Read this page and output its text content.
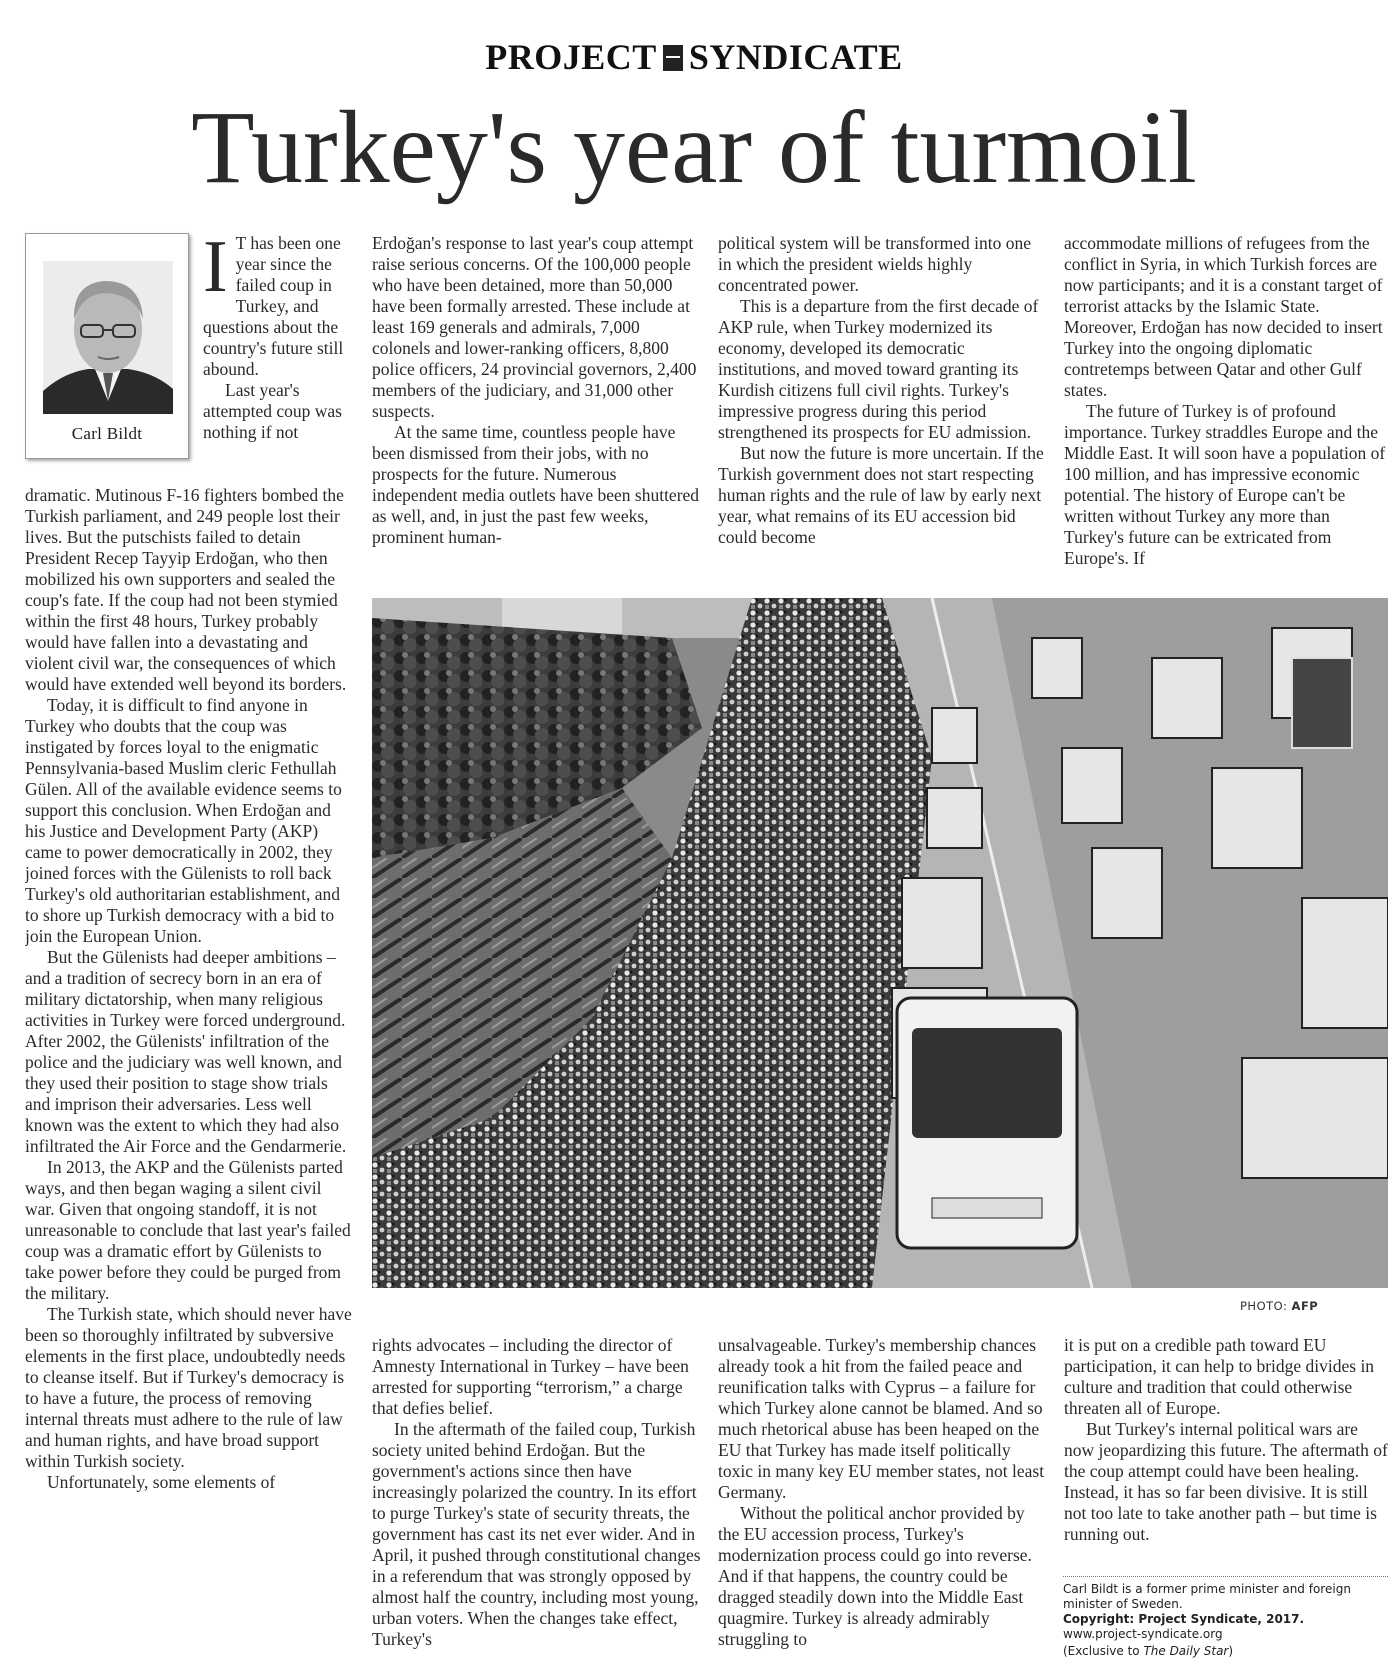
PROJECT SYNDICATE
Turkey's year of turmoil
Carl Bildt

I T has been one year since the failed coup in Turkey, and questions about the country's future still abound.

Last year's attempted coup was nothing if not

dramatic. Mutinous F-16 fighters bombed the Turkish parliament, and 249 people lost their lives. But the putschists failed to detain President Recep Tayyip Erdoğan, who then mobilized his own supporters and sealed the coup's fate. If the coup had not been stymied within the first 48 hours, Turkey probably would have fallen into a devastating and violent civil war, the consequences of which would have extended well beyond its borders.

Today, it is difficult to find anyone in Turkey who doubts that the coup was instigated by forces loyal to the enigmatic Pennsylvania-based Muslim cleric Fethullah Gülen. All of the available evidence seems to support this conclusion. When Erdoğan and his Justice and Development Party (AKP) came to power democratically in 2002, they joined forces with the Gülenists to roll back Turkey's old authoritarian establishment, and to shore up Turkish democracy with a bid to join the European Union.

But the Gülenists had deeper ambitions – and a tradition of secrecy born in an era of military dictatorship, when many religious activities in Turkey were forced underground. After 2002, the Gülenists' infiltration of the police and the judiciary was well known, and they used their position to stage show trials and imprison their adversaries. Less well known was the extent to which they had also infiltrated the Air Force and the Gendarmerie.

In 2013, the AKP and the Gülenists parted ways, and then began waging a silent civil war. Given that ongoing standoff, it is not unreasonable to conclude that last year's failed coup was a dramatic effort by Gülenists to take power before they could be purged from the military.

The Turkish state, which should never have been so thoroughly infiltrated by subversive elements in the first place, undoubtedly needs to cleanse itself. But if Turkey's democracy is to have a future, the process of removing internal threats must adhere to the rule of law and human rights, and have broad support within Turkish society.

Unfortunately, some elements of

Erdoğan's response to last year's coup attempt raise serious concerns. Of the 100,000 people who have been detained, more than 50,000 have been formally arrested. These include at least 169 generals and admirals, 7,000 colonels and lower-ranking officers, 8,800 police officers, 24 provincial governors, 2,400 members of the judiciary, and 31,000 other suspects.

At the same time, countless people have been dismissed from their jobs, with no prospects for the future. Numerous independent media outlets have been shuttered as well, and, in just the past few weeks, prominent human-

political system will be transformed into one in which the president wields highly concentrated power.

This is a departure from the first decade of AKP rule, when Turkey modernized its economy, developed its democratic institutions, and moved toward granting its Kurdish citizens full civil rights. Turkey's impressive progress during this period strengthened its prospects for EU admission.

But now the future is more uncertain. If the Turkish government does not start respecting human rights and the rule of law by early next year, what remains of its EU accession bid could become

accommodate millions of refugees from the conflict in Syria, in which Turkish forces are now participants; and it is a constant target of terrorist attacks by the Islamic State. Moreover, Erdoğan has now decided to insert Turkey into the ongoing diplomatic contretemps between Qatar and other Gulf states.

The future of Turkey is of profound importance. Turkey straddles Europe and the Middle East. It will soon have a population of 100 million, and has impressive economic potential. The history of Europe can't be written without Turkey any more than Turkey's future can be extricated from Europe's. If

PHOTO: AFP

rights advocates – including the director of Amnesty International in Turkey – have been arrested for supporting “terrorism,” a charge that defies belief.

In the aftermath of the failed coup, Turkish society united behind Erdoğan. But the government's actions since then have increasingly polarized the country. In its effort to purge Turkey's state of security threats, the government has cast its net ever wider. And in April, it pushed through constitutional changes in a referendum that was strongly opposed by almost half the country, including most young, urban voters. When the changes take effect, Turkey's

unsalvageable. Turkey's membership chances already took a hit from the failed peace and reunification talks with Cyprus – a failure for which Turkey alone cannot be blamed. And so much rhetorical abuse has been heaped on the EU that Turkey has made itself politically toxic in many key EU member states, not least Germany.

Without the political anchor provided by the EU accession process, Turkey's modernization process could go into reverse. And if that happens, the country could be dragged steadily down into the Middle East quagmire. Turkey is already admirably struggling to

it is put on a credible path toward EU participation, it can help to bridge divides in culture and tradition that could otherwise threaten all of Europe.

But Turkey's internal political wars are now jeopardizing this future. The aftermath of the coup attempt could have been healing. Instead, it has so far been divisive. It is still not too late to take another path – but time is running out.

Carl Bildt is a former prime minister and foreign minister of Sweden.
Copyright: Project Syndicate, 2017.
www.project-syndicate.org
(Exclusive to The Daily Star)
